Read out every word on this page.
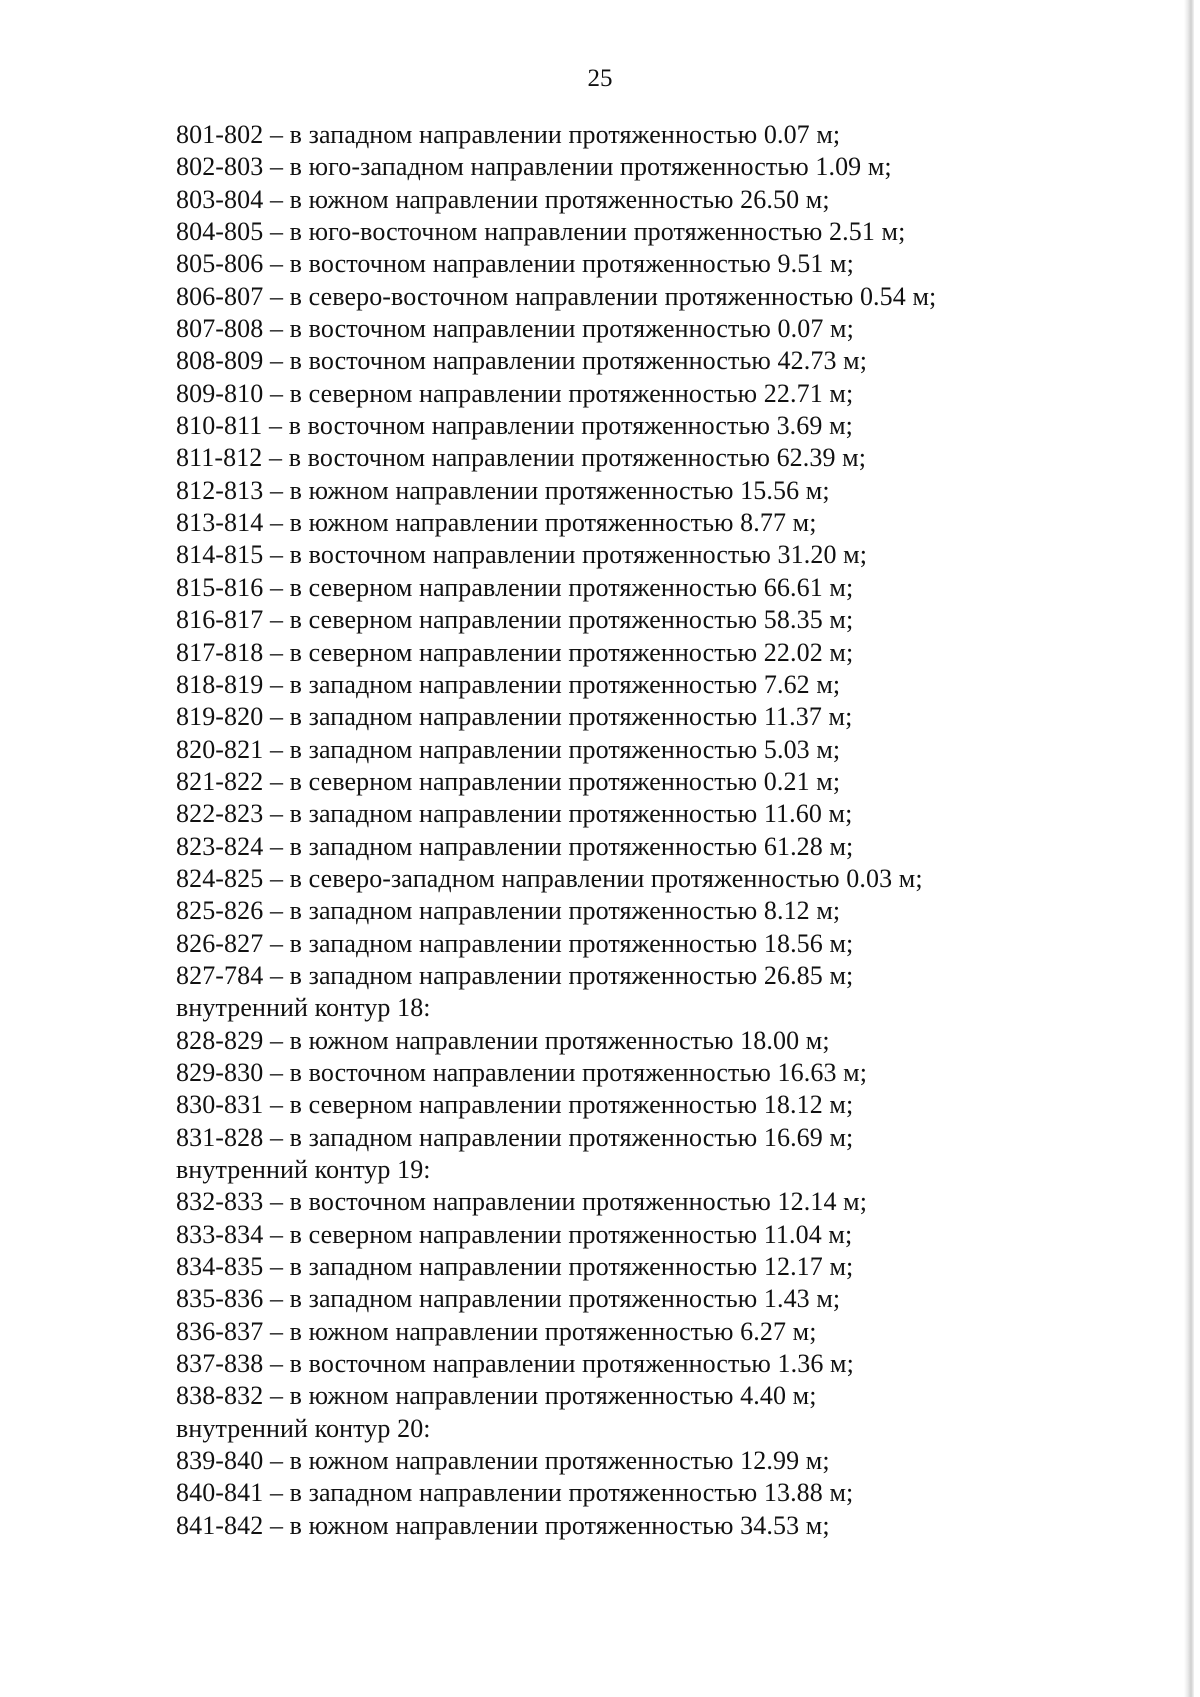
25
801-802 – в западном направлении протяженностью 0.07 м;
802-803 – в юго-западном направлении протяженностью 1.09 м;
803-804 – в южном направлении протяженностью 26.50 м;
804-805 – в юго-восточном направлении протяженностью 2.51 м;
805-806 – в восточном направлении протяженностью 9.51 м;
806-807 – в северо-восточном направлении протяженностью 0.54 м;
807-808 – в восточном направлении протяженностью 0.07 м;
808-809 – в восточном направлении протяженностью 42.73 м;
809-810 – в северном направлении протяженностью 22.71 м;
810-811 – в восточном направлении протяженностью 3.69 м;
811-812 – в восточном направлении протяженностью 62.39 м;
812-813 – в южном направлении протяженностью 15.56 м;
813-814 – в южном направлении протяженностью 8.77 м;
814-815 – в восточном направлении протяженностью 31.20 м;
815-816 – в северном направлении протяженностью 66.61 м;
816-817 – в северном направлении протяженностью 58.35 м;
817-818 – в северном направлении протяженностью 22.02 м;
818-819 – в западном направлении протяженностью 7.62 м;
819-820 – в западном направлении протяженностью 11.37 м;
820-821 – в западном направлении протяженностью 5.03 м;
821-822 – в северном направлении протяженностью 0.21 м;
822-823 – в западном направлении протяженностью 11.60 м;
823-824 – в западном направлении протяженностью 61.28 м;
824-825 – в северо-западном направлении протяженностью 0.03 м;
825-826 – в западном направлении протяженностью 8.12 м;
826-827 – в западном направлении протяженностью 18.56 м;
827-784 – в западном направлении протяженностью 26.85 м;
внутренний контур 18:
828-829 – в южном направлении протяженностью 18.00 м;
829-830 – в восточном направлении протяженностью 16.63 м;
830-831 – в северном направлении протяженностью 18.12 м;
831-828 – в западном направлении протяженностью 16.69 м;
внутренний контур 19:
832-833 – в восточном направлении протяженностью 12.14 м;
833-834 – в северном направлении протяженностью 11.04 м;
834-835 – в западном направлении протяженностью 12.17 м;
835-836 – в западном направлении протяженностью 1.43 м;
836-837 – в южном направлении протяженностью 6.27 м;
837-838 – в восточном направлении протяженностью 1.36 м;
838-832 – в южном направлении протяженностью 4.40 м;
внутренний контур 20:
839-840 – в южном направлении протяженностью 12.99 м;
840-841 – в западном направлении протяженностью 13.88 м;
841-842 – в южном направлении протяженностью 34.53 м;
